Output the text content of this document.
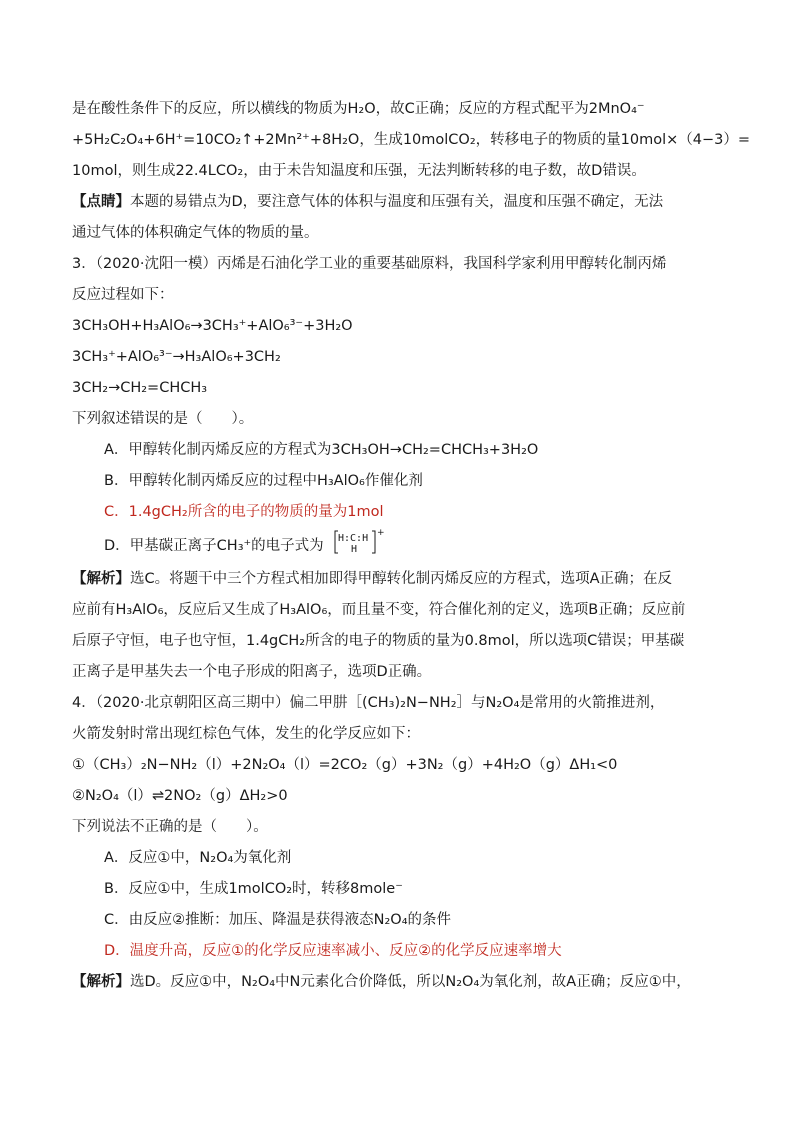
是在酸性条件下的反应，所以横线的物质为H₂O，故C正确；反应的方程式配平为2MnO₄⁻
+5H₂C₂O₄+6H⁺=10CO₂↑+2Mn²⁺+8H₂O，生成10molCO₂，转移电子的物质的量10mol×（4−3）=
10mol，则生成22.4LCO₂，由于未告知温度和压强，无法判断转移的电子数，故D错误。
【点睛】本题的易错点为D，要注意气体的体积与温度和压强有关，温度和压强不确定，无法
通过气体的体积确定气体的物质的量。
3．（2020·沈阳一模）丙烯是石油化学工业的重要基础原料，我国科学家利用甲醇转化制丙烯
反应过程如下：
3CH₃OH+H₃AlO₆→3CH₃⁺+AlO₆³⁻+3H₂O
3CH₃⁺+AlO₆³⁻→H₃AlO₆+3CH₂
3CH₂→CH₂=CHCH₃
下列叙述错误的是（　　）。
A．甲醇转化制丙烯反应的方程式为3CH₃OH→CH₂=CHCH₃+3H₂O
B．甲醇转化制丙烯反应的过程中H₃AlO₆作催化剂
C．1.4gCH₂所含的电子的物质的量为1mol
D．甲基碳正离子CH₃⁺的电子式为 H:C:H
H
+
【解析】选C。将题干中三个方程式相加即得甲醇转化制丙烯反应的方程式，选项A正确；在反
应前有H₃AlO₆，反应后又生成了H₃AlO₆，而且量不变，符合催化剂的定义，选项B正确；反应前
后原子守恒，电子也守恒，1.4gCH₂所含的电子的物质的量为0.8mol，所以选项C错误；甲基碳
正离子是甲基失去一个电子形成的阳离子，选项D正确。
4．（2020·北京朝阳区高三期中）偏二甲肼［(CH₃)₂N−NH₂］与N₂O₄是常用的火箭推进剂，
火箭发射时常出现红棕色气体，发生的化学反应如下：
①（CH₃）₂N−NH₂（l）+2N₂O₄（l）=2CO₂（g）+3N₂（g）+4H₂O（g）ΔH₁<0
②N₂O₄（l）⇌2NO₂（g）ΔH₂>0
下列说法不正确的是（　　）。
A．反应①中，N₂O₄为氧化剂
B．反应①中，生成1molCO₂时，转移8mole⁻
C．由反应②推断：加压、降温是获得液态N₂O₄的条件
D．温度升高，反应①的化学反应速率减小、反应②的化学反应速率增大
【解析】选D。反应①中，N₂O₄中N元素化合价降低，所以N₂O₄为氧化剂，故A正确；反应①中，
